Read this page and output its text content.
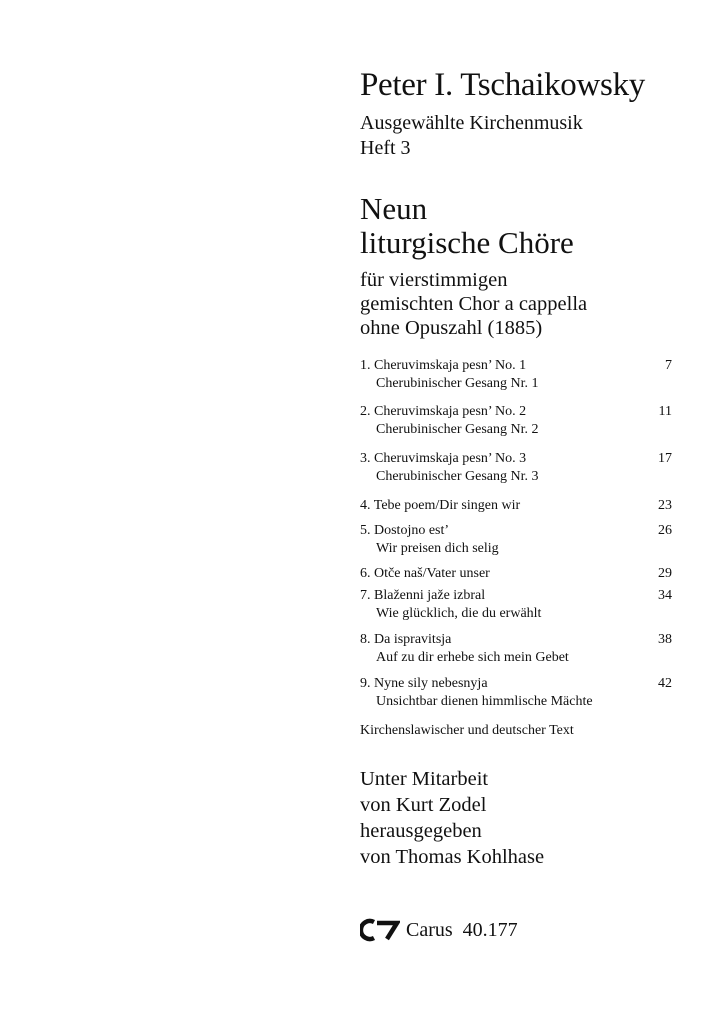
Peter I. Tschaikowsky
Ausgewählte Kirchenmusik
Heft 3
Neun
liturgische Chöre
für vierstimmigen
gemischten Chor a cappella
ohne Opuszahl (1885)
1. Cheruvimskaja pesn’ No. 1
Cherubinischer Gesang Nr. 1
7
2. Cheruvimskaja pesn’ No. 2
Cherubinischer Gesang Nr. 2
11
3. Cheruvimskaja pesn’ No. 3
Cherubinischer Gesang Nr. 3
17
4. Tebe poem/Dir singen wir	23
5. Dostojno est’
Wir preisen dich selig
26
6. Otče naš/Vater unser	29
7. Blaženni jaže izbral
Wie glücklich, die du erwählt
34
8. Da ispravitsja
Auf zu dir erhebe sich mein Gebet
38
9. Nyne sily nebesnyja
Unsichtbar dienen himmlische Mächte
42
Kirchenslawischer und deutscher Text
Unter Mitarbeit
von Kurt Zodel
herausgegeben
von Thomas Kohlhase
Carus 40.177
